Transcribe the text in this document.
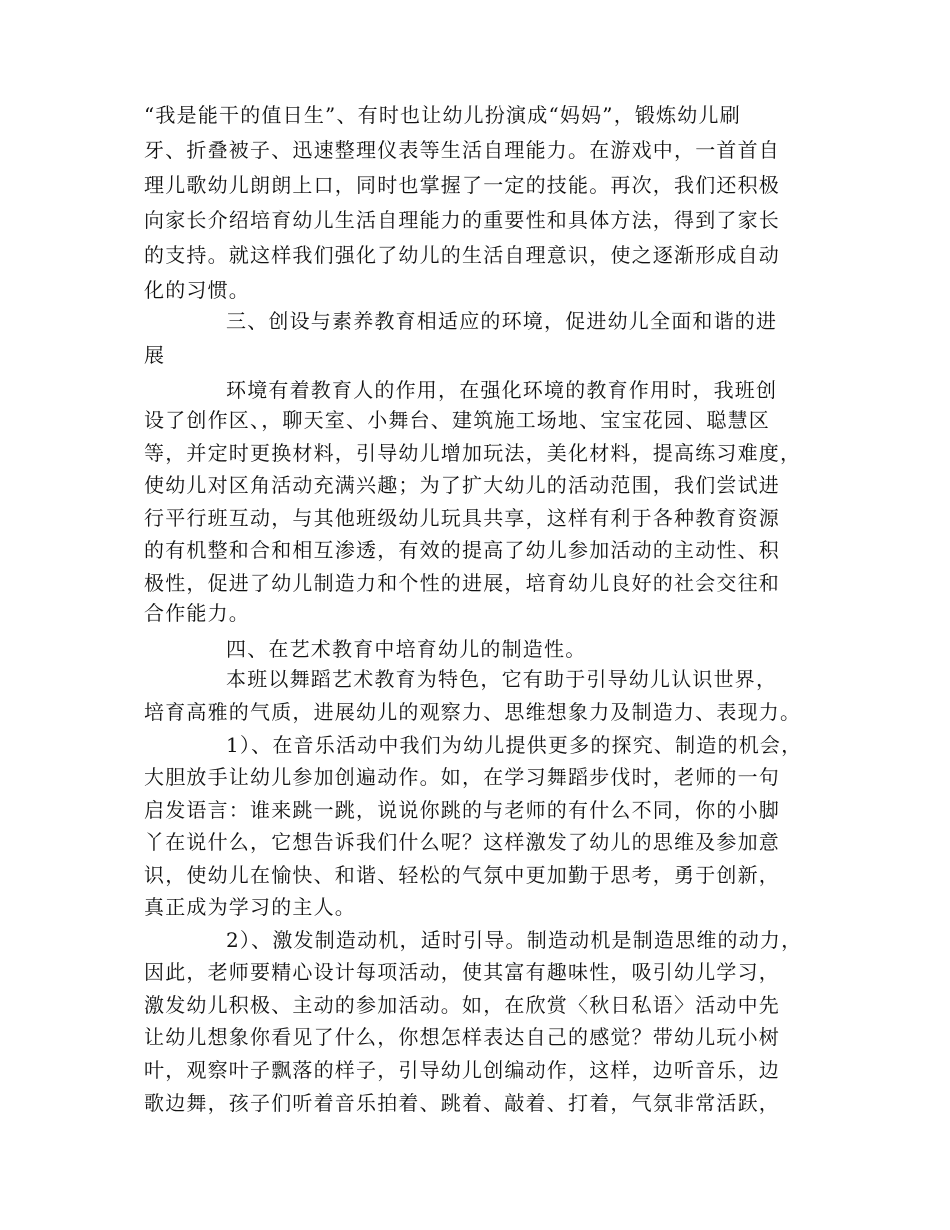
“我是能干的值日生”、有时也让幼儿扮演成“妈妈”，锻炼幼儿刷
牙、折叠被子、迅速整理仪表等生活自理能力。在游戏中，一首首自
理儿歌幼儿朗朗上口，同时也掌握了一定的技能。再次，我们还积极
向家长介绍培育幼儿生活自理能力的重要性和具体方法，得到了家长
的支持。就这样我们强化了幼儿的生活自理意识，使之逐渐形成自动
化的习惯。
三、创设与素养教育相适应的环境，促进幼儿全面和谐的进
展
环境有着教育人的作用，在强化环境的教育作用时，我班创
设了创作区、，聊天室、小舞台、建筑施工场地、宝宝花园、聪慧区
等，并定时更换材料，引导幼儿增加玩法，美化材料，提高练习难度，
使幼儿对区角活动充满兴趣；为了扩大幼儿的活动范围，我们尝试进
行平行班互动，与其他班级幼儿玩具共享，这样有利于各种教育资源
的有机整和合和相互渗透，有效的提高了幼儿参加活动的主动性、积
极性，促进了幼儿制造力和个性的进展，培育幼儿良好的社会交往和
合作能力。
四、在艺术教育中培育幼儿的制造性。
本班以舞蹈艺术教育为特色，它有助于引导幼儿认识世界，
培育高雅的气质，进展幼儿的观察力、思维想象力及制造力、表现力。
1）、在音乐活动中我们为幼儿提供更多的探究、制造的机会，
大胆放手让幼儿参加创遍动作。如，在学习舞蹈步伐时，老师的一句
启发语言：谁来跳一跳，说说你跳的与老师的有什么不同，你的小脚
丫在说什么，它想告诉我们什么呢？这样激发了幼儿的思维及参加意
识，使幼儿在愉快、和谐、轻松的气氛中更加勤于思考，勇于创新，
真正成为学习的主人。
2）、激发制造动机，适时引导。制造动机是制造思维的动力，
因此，老师要精心设计每项活动，使其富有趣味性，吸引幼儿学习，
激发幼儿积极、主动的参加活动。如，在欣赏〈秋日私语〉活动中先
让幼儿想象你看见了什么，你想怎样表达自己的感觉？带幼儿玩小树
叶，观察叶子飘落的样子，引导幼儿创编动作，这样，边听音乐，边
歌边舞，孩子们听着音乐拍着、跳着、敲着、打着，气氛非常活跃，
